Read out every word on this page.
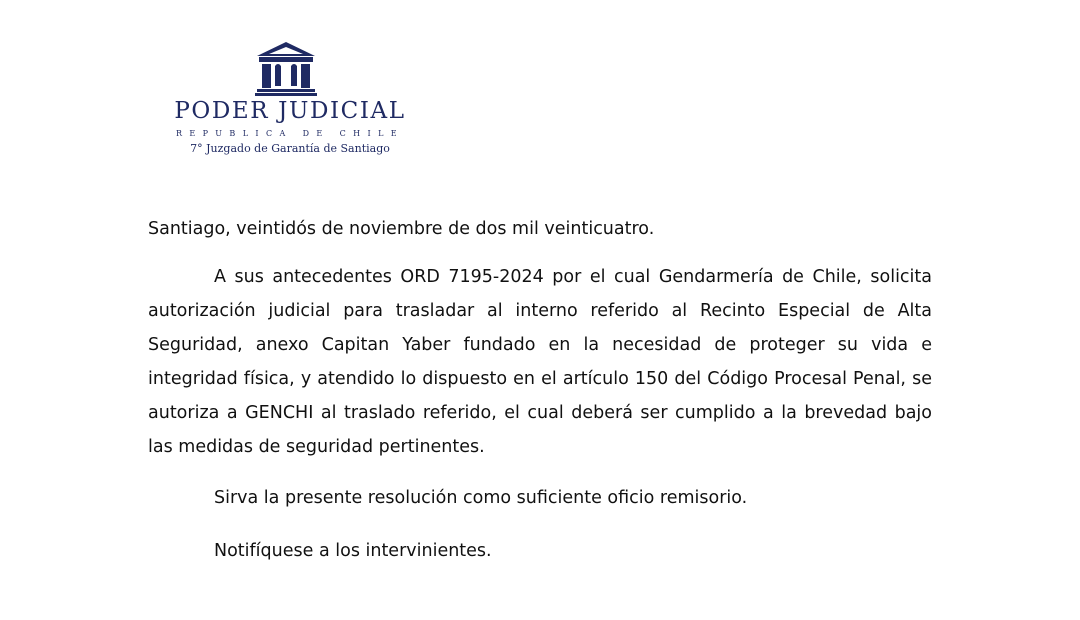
PODER JUDICIAL
REPUBLICA DE CHILE
7° Juzgado de Garantía de Santiago

Santiago, veintidós de noviembre de dos mil veinticuatro.

A sus antecedentes ORD 7195-2024 por el cual Gendarmería de Chile, solicita autorización judicial para trasladar al interno referido al Recinto Especial de Alta Seguridad, anexo Capitan Yaber fundado en la necesidad de proteger su vida e integridad física, y atendido lo dispuesto en el artículo 150 del Código Procesal Penal, se autoriza a GENCHI al traslado referido, el cual deberá ser cumplido a la brevedad bajo las medidas de seguridad pertinentes.

Sirva la presente resolución como suficiente oficio remisorio.

Notifíquese a los intervinientes.
